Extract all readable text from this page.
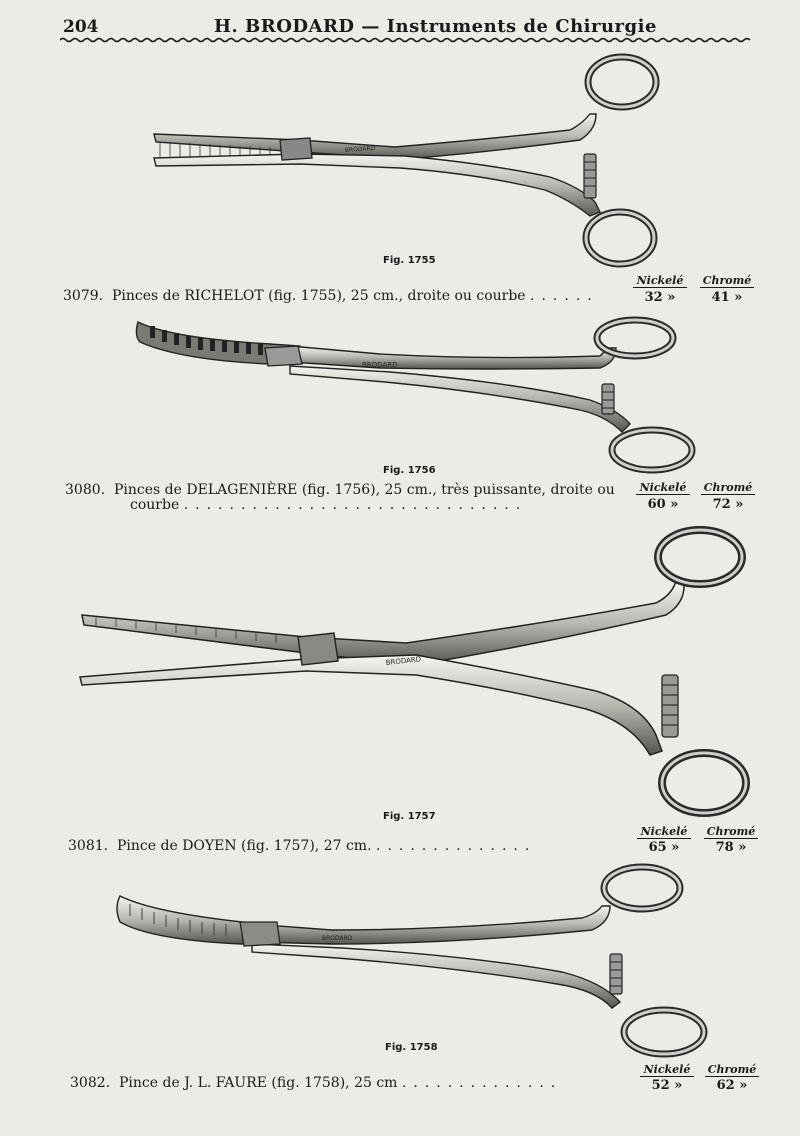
204	H. BRODARD — Instruments de Chirurgie
BRODARD
Fig. 1755
Nickelé	Chromé
3079. Pinces de RICHELOT (fig. 1755), 25 cm., droite ou courbe ......	32 »	41 »
BRODARD
Fig. 1756
Nickelé	Chromé
3080. Pinces de DELAGENIÈRE (fig. 1756), 25 cm., très puissante, droite ou
courbe ..............................	60 »	72 »
BRODARD
Fig. 1757
Nickelé	Chromé
3081. Pince de DOYEN (fig. 1757), 27 cm. ..............	65 »	78 »
BRODARD
Fig. 1758
Nickelé	Chromé
3082. Pince de J. L. FAURE (fig. 1758), 25 cm ..............	52 »	62 »
